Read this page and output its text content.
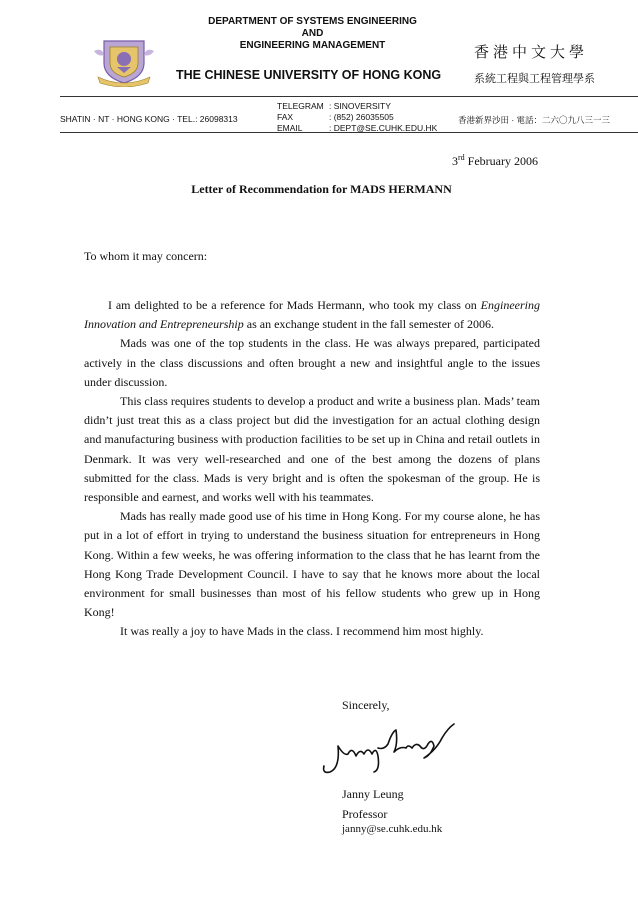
DEPARTMENT OF SYSTEMS ENGINEERING
AND
ENGINEERING MANAGEMENT
THE CHINESE UNIVERSITY OF HONG KONG
香港中文大學
系統工程與工程管理學系
SHATIN · NT · HONG KONG · TEL.: 26098313
TELEGRAM : SINOVERSITY
FAX	: (852) 26035505
EMAIL	: DEPT@SE.CUHK.EDU.HK
香港新界沙田 · 電話：二六〇九八三一三
3rd February 2006
Letter of Recommendation for MADS HERMANN
To whom it may concern:

I am delighted to be a reference for Mads Hermann, who took my class on Engineering Innovation and Entrepreneurship as an exchange student in the fall semester of 2006.

Mads was one of the top students in the class. He was always prepared, participated actively in the class discussions and often brought a new and insightful angle to the issues under discussion.

This class requires students to develop a product and write a business plan. Mads’ team didn’t just treat this as a class project but did the investigation for an actual clothing design and manufacturing business with production facilities to be set up in China and retail outlets in Denmark. It was very well-researched and one of the best among the dozens of plans submitted for the class. Mads is very bright and is often the spokesman of the group. He is responsible and earnest, and works well with his teammates.

Mads has really made good use of his time in Hong Kong. For my course alone, he has put in a lot of effort in trying to understand the business situation for entrepreneurs in Hong Kong. Within a few weeks, he was offering information to the class that he has learnt from the Hong Kong Trade Development Council. I have to say that he knows more about the local environment for small businesses than most of his fellow students who grew up in Hong Kong!

It was really a joy to have Mads in the class. I recommend him most highly.

Sincerely,
Janny Leung
Professor
janny@se.cuhk.edu.hk
